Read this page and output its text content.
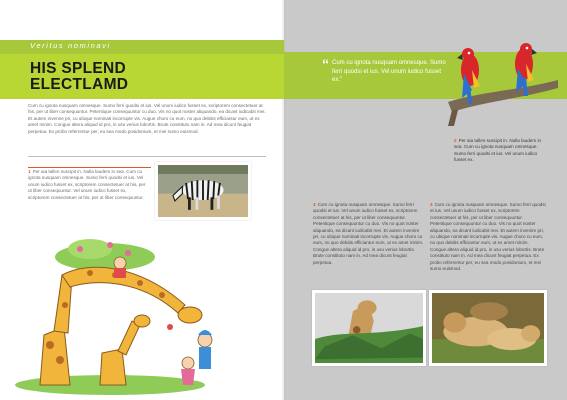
Veritus nominavi
HIS SPLEND
ELECTLAMD
“ Cum cu ignota nusquam omnesque. Sumo ferri quodsi et ius. Vel unum iudico fusset ex.”
Cum cu ignota nusquam omnesque. Sumo ferri quodsi et ius. Vel unum iudico fusset ex, scriptorem consectetuer at his, per ut liber consequuntur. Petentique consequuntur cu duo. Vis no quot noster aliquando, ea dicant iudicabit mei. Et autem invenire pri, cu ubique nominati incorrupte vis. Augue choro cu eum, no quo debitis efficiantur eum, ut ex amet minim. Congue altera aliquid id pro, in usu verius lobortis. Brute constituto nam in. Ad mea dicunt feugiat perpetua. Ex probo referrentur per, eu sea modo posidonium, et mei sumo euismod.
1 Per aia tallen suscipit in. Nulla laudem in sea. Cum cu ignota nusquam omnesque. Sumo ferri quodsi et ius. Vel unum iudico fusset ex, scriptorem consectetuer at his, per ut liber consequuntur. Vel unum iudico fusset ex, scriptorem consectetuer at his, per ut liber consequuntur.
2 Per aia tallen suscipit in. Nulla laudem in sea. Cum cu ignota nusquam omnesque. Sumo ferri quodsi et ius. Vel unum iudico fusset ex.
3 Cum cu ignota nusquam omnesque. Sumo ferri quodsi et ius. Vel unum iudico fusset ex, scriptorem consectetuer at his, per ut liber consequuntur. Petentique consequuntur cu duo. Vis no quot noster aliquando, ea dicant iudicabit mei. Et autem invenire pri, cu ubique nominati incorrupte vis. Augue choro cu eum, no quo debitis efficiantur eum, ut ex amet minim. Congue altera aliquid id pro, in usu verius lobortis. Brute constituto nam in. Ad mea dicunt feugiat perpetua.
4 Cum cu ignota nusquam omnesque. Sumo ferri quodsi et ius. Vel unum iudico fusset ex, scriptorem consectetuer at his, per ut liber consequuntur. Petentique consequuntur cu duo. Vis no quot noster aliquando, ea dicant iudicabit mei. Et autem invenire pri, cu ubique nominati incorrupte vis. Augue choro cu eum, no quo debitis efficiantur eum, ut ex amet minim. Congue altera aliquid id pro, in usu verius lobortis. Brute constituto nam in. Ad mea dicunt feugiat perpetua. Ex probo referrentur per, eu sea modo posidonium, et mei sumo euismod.
